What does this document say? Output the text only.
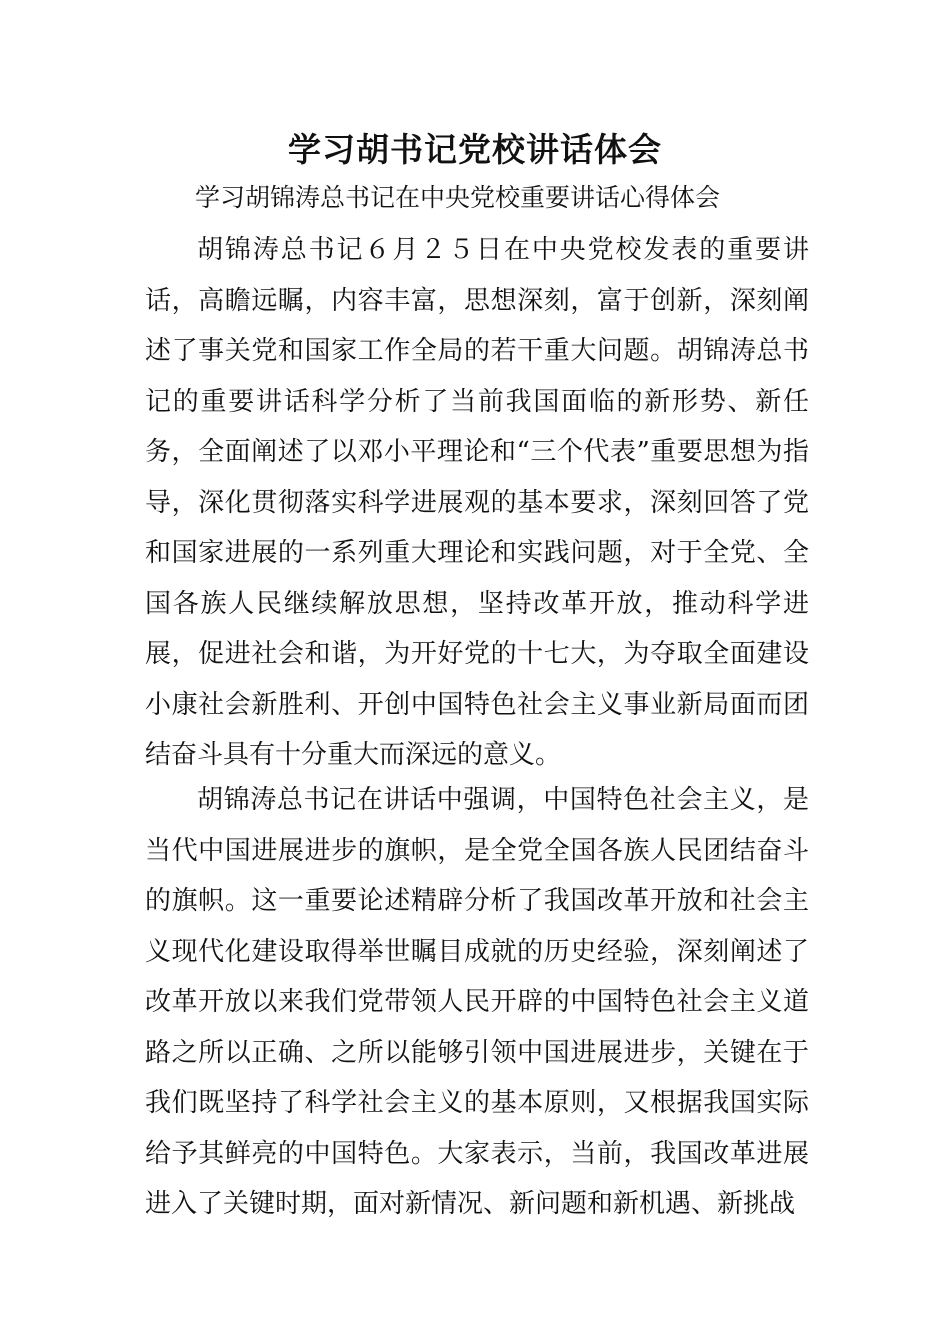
学习胡书记党校讲话体会

学习胡锦涛总书记在中央党校重要讲话心得体会

胡锦涛总书记６月２５日在中央党校发表的重要讲话，高瞻远瞩，内容丰富，思想深刻，富于创新，深刻阐述了事关党和国家工作全局的若干重大问题。胡锦涛总书记的重要讲话科学分析了当前我国面临的新形势、新任务，全面阐述了以邓小平理论和“三个代表”重要思想为指导，深化贯彻落实科学进展观的基本要求，深刻回答了党和国家进展的一系列重大理论和实践问题，对于全党、全国各族人民继续解放思想，坚持改革开放，推动科学进展，促进社会和谐，为开好党的十七大，为夺取全面建设小康社会新胜利、开创中国特色社会主义事业新局面而团结奋斗具有十分重大而深远的意义。

胡锦涛总书记在讲话中强调，中国特色社会主义，是当代中国进展进步的旗帜，是全党全国各族人民团结奋斗的旗帜。这一重要论述精辟分析了我国改革开放和社会主义现代化建设取得举世瞩目成就的历史经验，深刻阐述了改革开放以来我们党带领人民开辟的中国特色社会主义道路之所以正确、之所以能够引领中国进展进步，关键在于我们既坚持了科学社会主义的基本原则，又根据我国实际给予其鲜亮的中国特色。大家表示，当前，我国改革进展进入了关键时期，面对新情况、新问题和新机遇、新挑战
